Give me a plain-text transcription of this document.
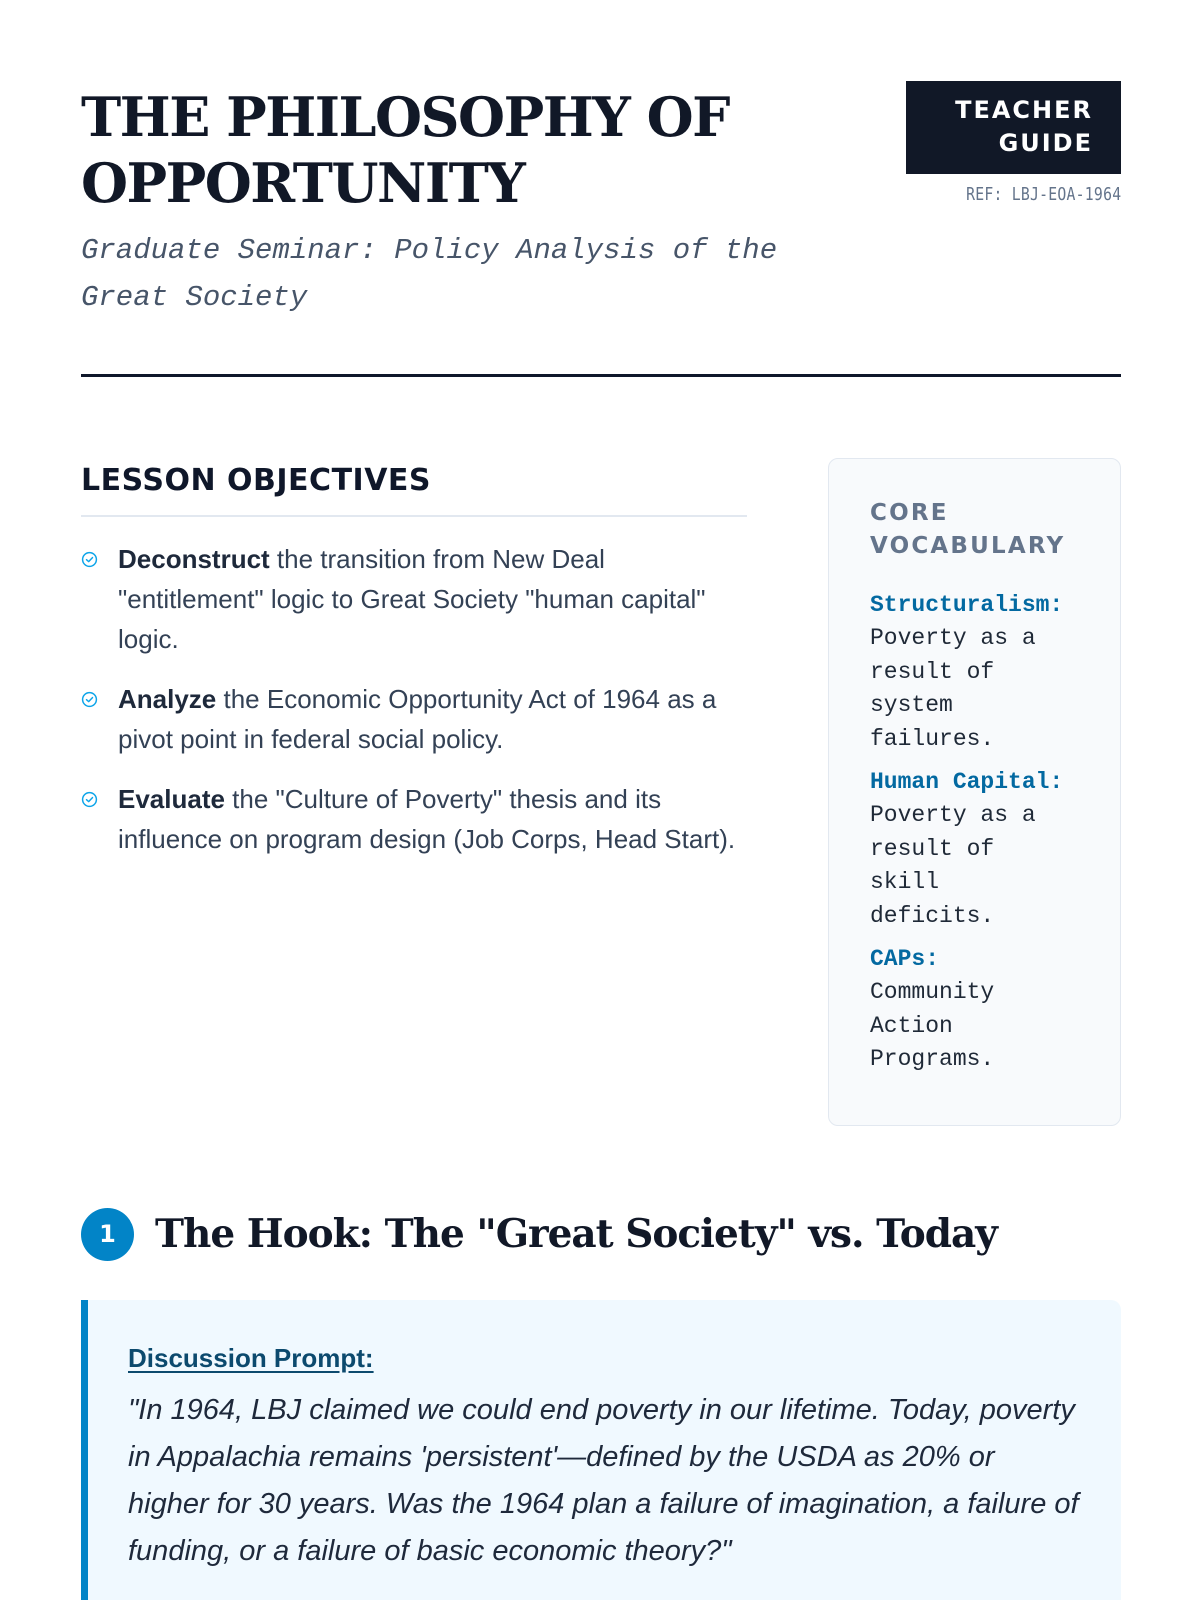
THE PHILOSOPHY OF
OPPORTUNITY

Graduate Seminar: Policy Analysis of the Great Society

TEACHER
GUIDE
REF: LBJ-EOA-1964
LESSON OBJECTIVES
Deconstruct the transition from New Deal "entitlement" logic to Great Society "human capital" logic.
Analyze the Economic Opportunity Act of 1964 as a pivot point in federal social policy.
Evaluate the "Culture of Poverty" thesis and its influence on program design (Job Corps, Head Start).
CORE VOCABULARY
Structuralism:
Poverty as a result of system failures.
Human Capital:
Poverty as a result of skill deficits.
CAPs:
Community Action Programs.
1	The Hook: The "Great Society" vs. Today
Discussion Prompt:

"In 1964, LBJ claimed we could end poverty in our lifetime. Today, poverty in Appalachia remains 'persistent'—defined by the USDA as 20% or higher for 30 years. Was the 1964 plan a failure of imagination, a failure of funding, or a failure of basic economic theory?"
